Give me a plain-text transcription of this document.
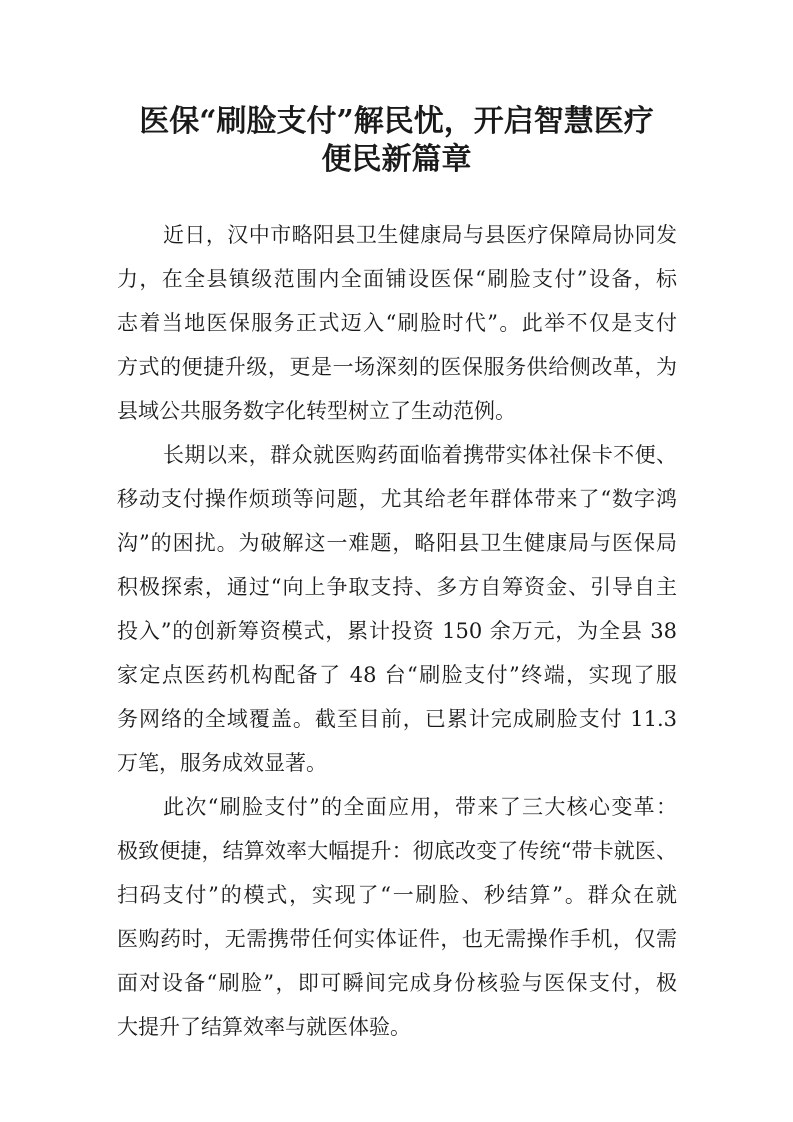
医保“刷脸支付”解民忧，开启智慧医疗
便民新篇章
近日，汉中市略阳县卫生健康局与县医疗保障局协同发
力，在全县镇级范围内全面铺设医保“刷脸支付”设备，标
志着当地医保服务正式迈入“刷脸时代”。此举不仅是支付
方式的便捷升级，更是一场深刻的医保服务供给侧改革，为
县域公共服务数字化转型树立了生动范例。
长期以来，群众就医购药面临着携带实体社保卡不便、
移动支付操作烦琐等问题，尤其给老年群体带来了“数字鸿
沟”的困扰。为破解这一难题，略阳县卫生健康局与医保局
积极探索，通过“向上争取支持、多方自筹资金、引导自主
投入”的创新筹资模式，累计投资 150 余万元，为全县 38
家定点医药机构配备了 48 台“刷脸支付”终端，实现了服
务网络的全域覆盖。截至目前，已累计完成刷脸支付 11.3
万笔，服务成效显著。
此次“刷脸支付”的全面应用，带来了三大核心变革：
极致便捷，结算效率大幅提升：彻底改变了传统“带卡就医、
扫码支付”的模式，实现了“一刷脸、秒结算”。群众在就
医购药时，无需携带任何实体证件，也无需操作手机，仅需
面对设备“刷脸”，即可瞬间完成身份核验与医保支付，极
大提升了结算效率与就医体验。
